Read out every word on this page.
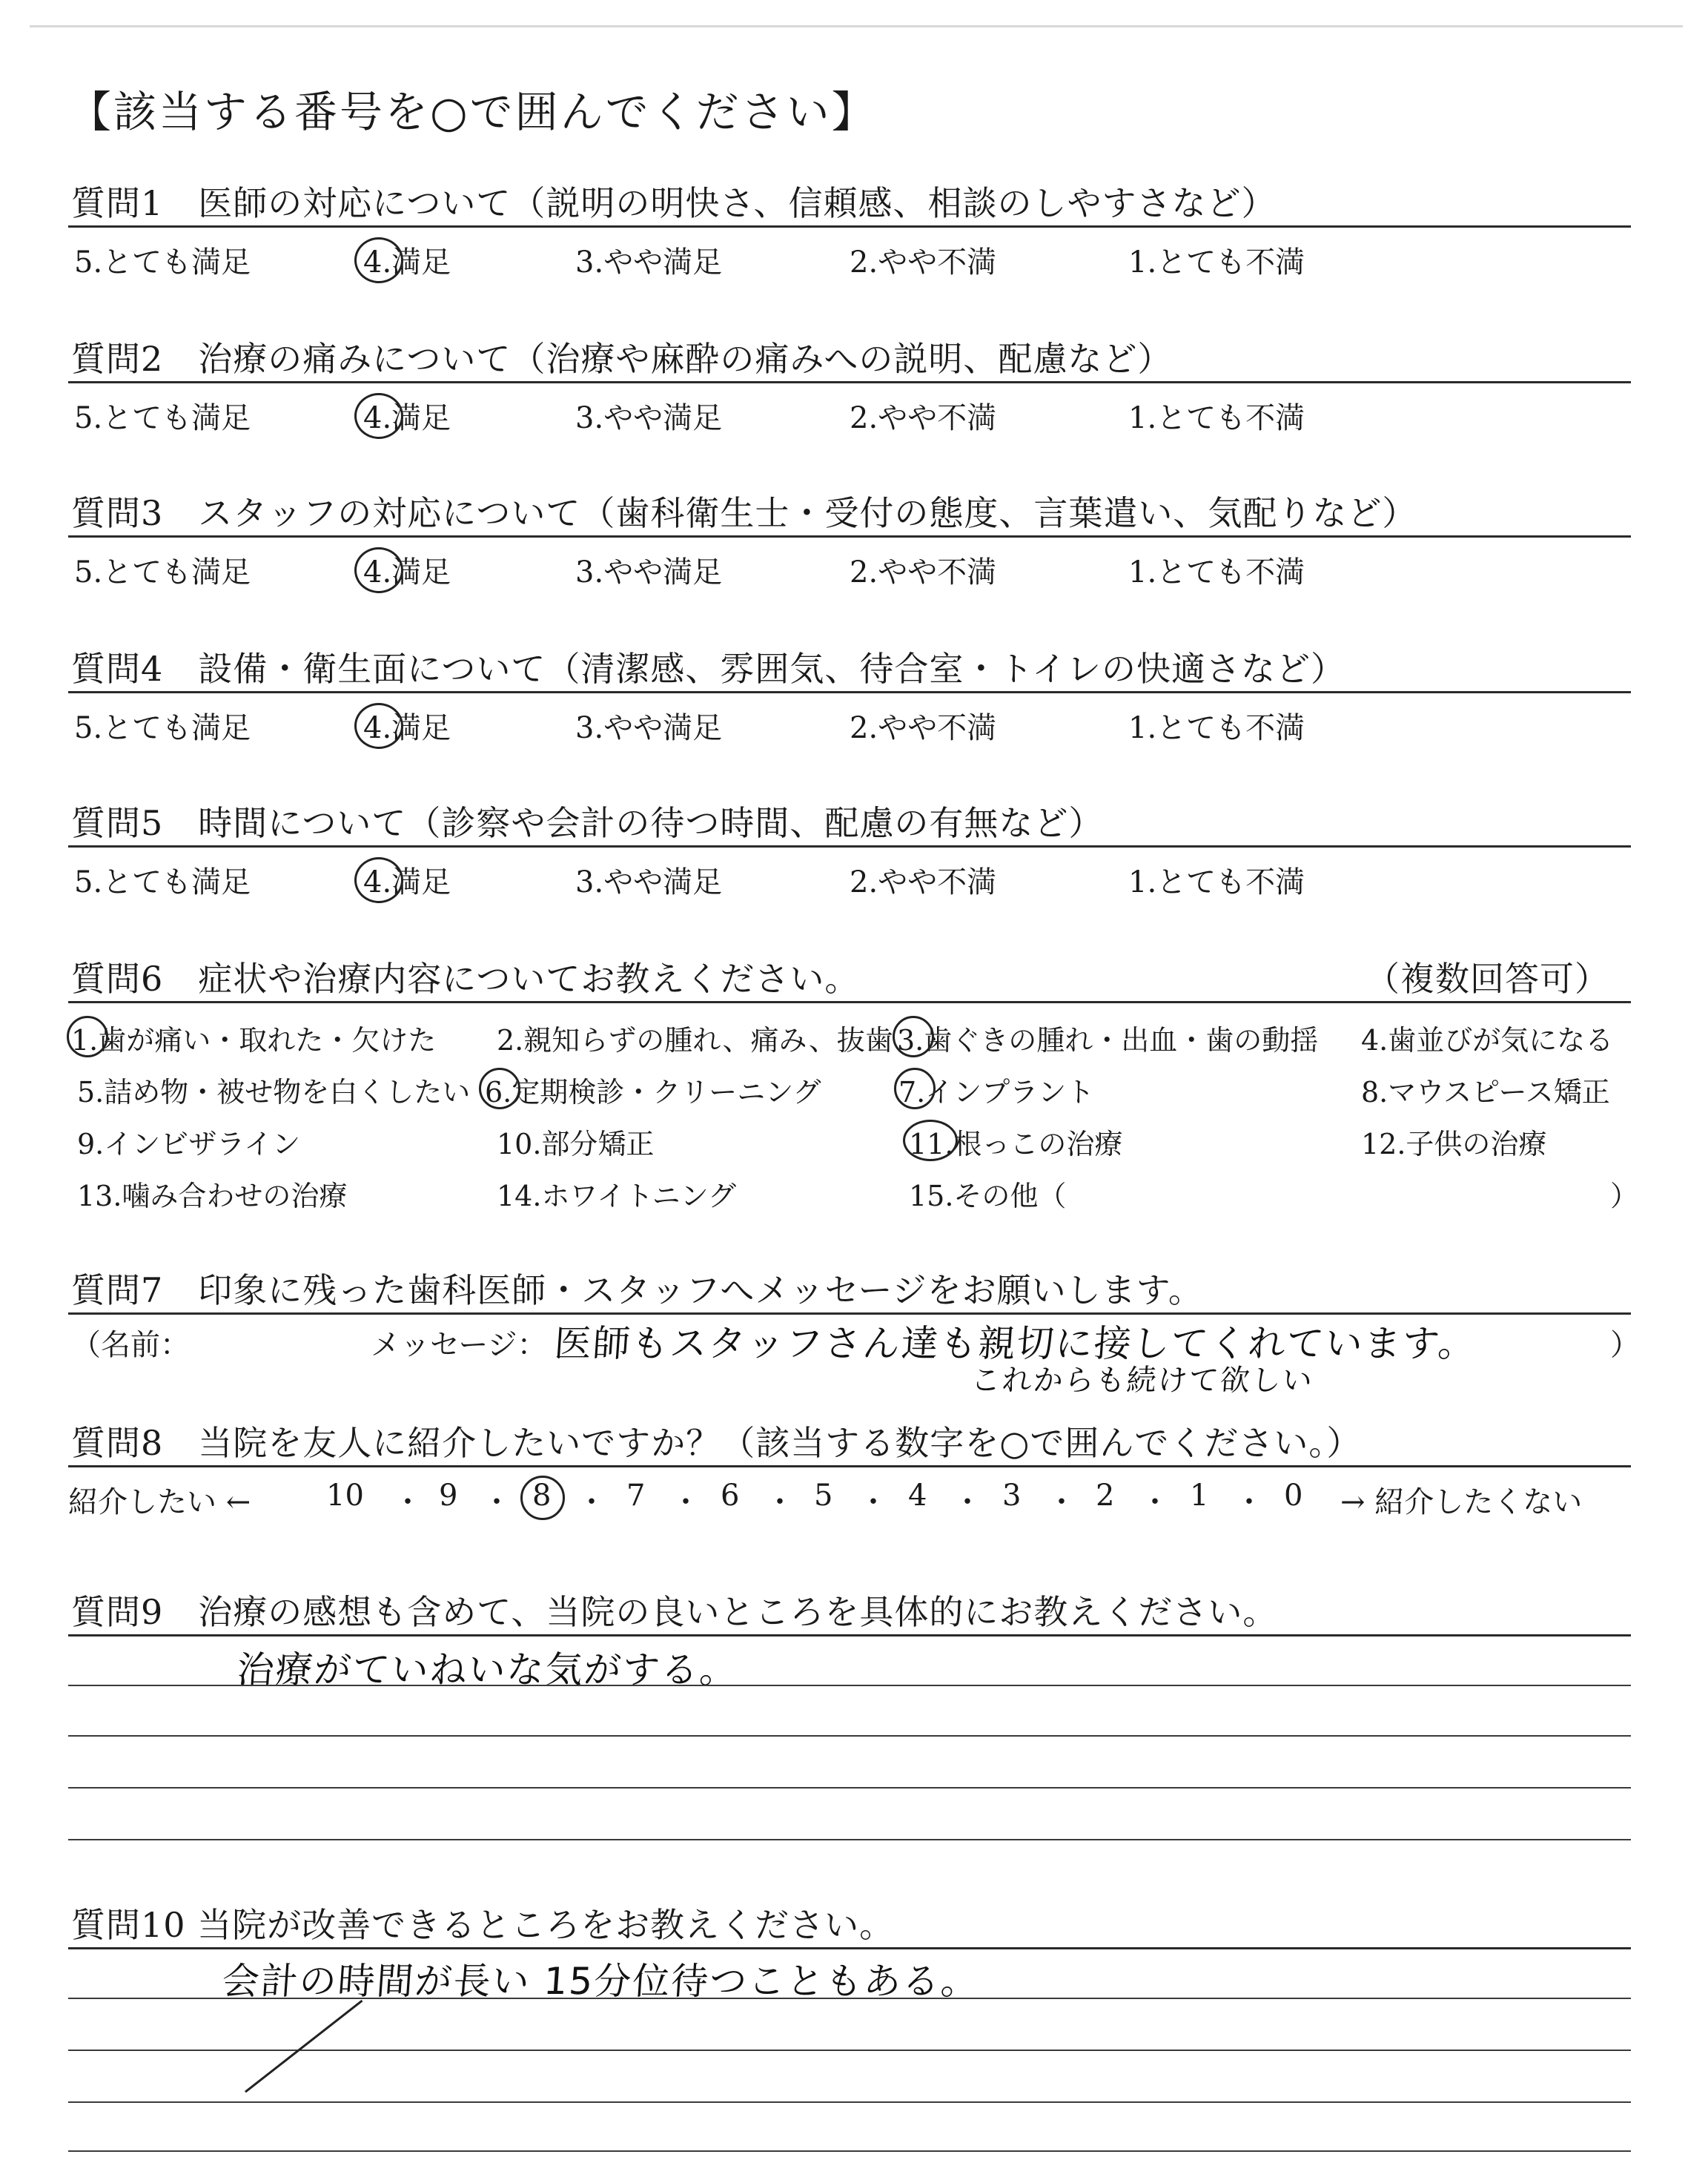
【該当する番号を○で囲んでください】
質問1　医師の対応について（説明の明快さ、信頼感、相談のしやすさなど）
5.とても満足	4.満足	3.やや満足	2.やや不満	1.とても不満
質問2　治療の痛みについて（治療や麻酔の痛みへの説明、配慮など）
5.とても満足	4.満足	3.やや満足	2.やや不満	1.とても不満
質問3　スタッフの対応について（歯科衛生士・受付の態度、言葉遣い、気配りなど）
5.とても満足	4.満足	3.やや満足	2.やや不満	1.とても不満
質問4　設備・衛生面について（清潔感、雰囲気、待合室・トイレの快適さなど）
5.とても満足	4.満足	3.やや満足	2.やや不満	1.とても不満
質問5　時間について（診察や会計の待つ時間、配慮の有無など）
5.とても満足	4.満足	3.やや満足	2.やや不満	1.とても不満
質問6　症状や治療内容についてお教えください。	（複数回答可）
1.歯が痛い・取れた・欠けた 2.親知らずの腫れ、痛み、抜歯 3.歯ぐきの腫れ・出血・歯の動揺 4.歯並びが気になる
5.詰め物・被せ物を白くしたい 6.定期検診・クリーニング	7.インプラント	8.マウスピース矯正
9.インビザライン	10.部分矯正	11.根っこの治療	12.子供の治療
13.噛み合わせの治療	14.ホワイトニング	15.その他（	）
質問7　印象に残った歯科医師・スタッフへメッセージをお願いします。
（名前：	メッセージ： 医師もスタッフさん達も親切に接してくれています。
これからも続けて欲しい
）
質問8　当院を友人に紹介したいですか？（該当する数字を○で囲んでください。）
紹介したい ←	10 ・ 9 ・ 8 ・ 7 ・ 6 ・ 5 ・ 4 ・ 3 ・ 2 ・ 1 ・ 0 → 紹介したくない
質問9　治療の感想も含めて、当院の良いところを具体的にお教えください。
治療がていねいな気がする。
質問10 当院が改善できるところをお教えください。
会計の時間が長い 15分位待つこともある。
